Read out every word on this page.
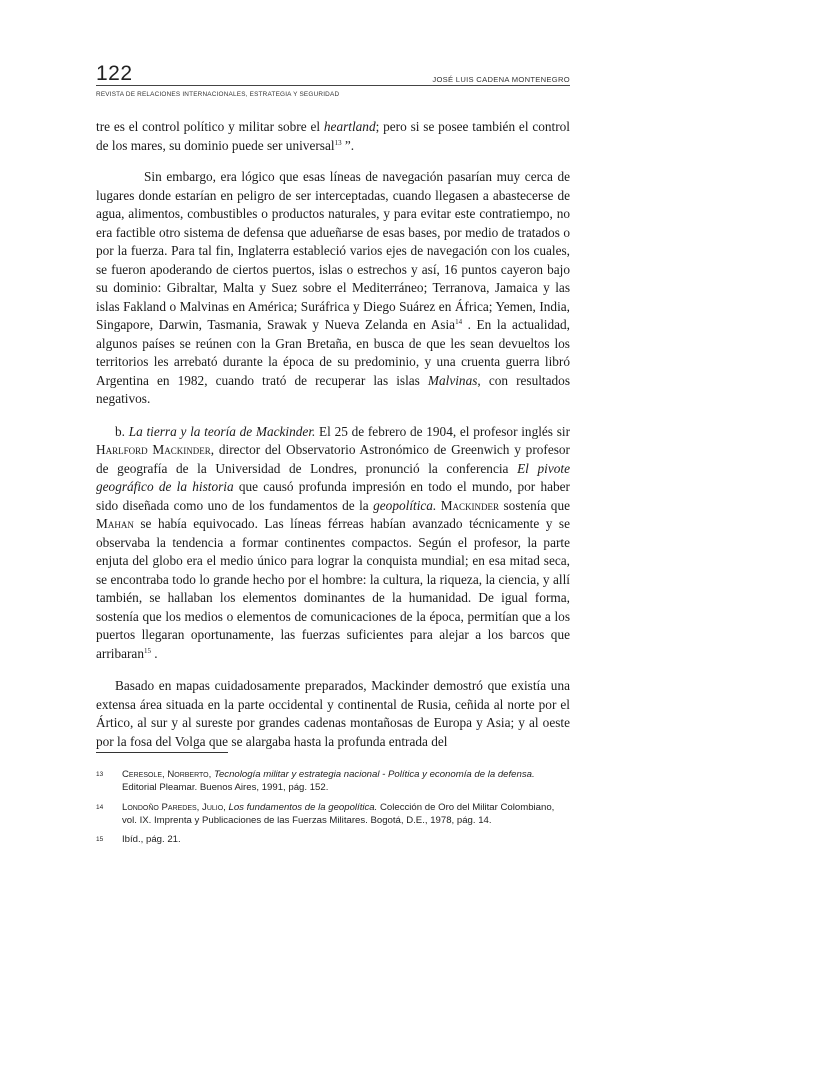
122	JOSÉ LUIS CADENA MONTENEGRO
REVISTA DE RELACIONES INTERNACIONALES, ESTRATEGIA Y SEGURIDAD

tre es el control político y militar sobre el heartland; pero si se posee también el control de los mares, su dominio puede ser universal$^{13}$ ”.

Sin embargo, era lógico que esas líneas de navegación pasarían muy cerca de lugares donde estarían en peligro de ser interceptadas, cuando llegasen a abastecerse de agua, alimentos, combustibles o productos naturales, y para evitar este contratiempo, no era factible otro sistema de defensa que adueñarse de esas bases, por medio de tratados o por la fuerza. Para tal fin, Inglaterra estableció varios ejes de navegación con los cuales, se fueron apoderando de ciertos puertos, islas o estrechos y así, 16 puntos cayeron bajo su dominio: Gibraltar, Malta y Suez sobre el Mediterráneo; Terranova, Jamaica y las islas Fakland o Malvinas en América; Suráfrica y Diego Suárez en África; Yemen, India, Singapore, Darwin, Tasmania, Srawak y Nueva Zelanda en Asia$^{14}$ . En la actualidad, algunos países se reúnen con la Gran Bretaña, en busca de que les sean devueltos los territorios les arrebató durante la época de su predominio, y una cruenta guerra libró Argentina en 1982, cuando trató de recuperar las islas Malvinas, con resultados negativos.

b. La tierra y la teoría de Mackinder. El 25 de febrero de 1904, el profesor inglés sir Harlford Mackinder, director del Observatorio Astronómico de Greenwich y profesor de geografía de la Universidad de Londres, pronunció la conferencia El pivote geográfico de la historia que causó profunda impresión en todo el mundo, por haber sido diseñada como uno de los fundamentos de la geopolítica. Mackinder sostenía que Mahan se había equivocado. Las líneas férreas habían avanzado técnicamente y se observaba la tendencia a formar continentes compactos. Según el profesor, la parte enjuta del globo era el medio único para lograr la conquista mundial; en esa mitad seca, se encontraba todo lo grande hecho por el hombre: la cultura, la riqueza, la ciencia, y allí también, se hallaban los elementos dominantes de la humanidad. De igual forma, sostenía que los medios o elementos de comunicaciones de la época, permitían que a los puertos llegaran oportunamente, las fuerzas suficientes para alejar a los barcos que arribaran$^{15}$ .

Basado en mapas cuidadosamente preparados, Mackinder demostró que existía una extensa área situada en la parte occidental y continental de Rusia, ceñida al norte por el Ártico, al sur y al sureste por grandes cadenas montañosas de Europa y Asia; y al oeste por la fosa del Volga que se alargaba hasta la profunda entrada del

13 Ceresole, Norberto, Tecnología militar y estrategia nacional - Política y economía de la defensa. Editorial Pleamar. Buenos Aires, 1991, pág. 152.
14 Londoño Paredes, Julio, Los fundamentos de la geopolítica. Colección de Oro del Militar Colombiano, vol. IX. Imprenta y Publicaciones de las Fuerzas Militares. Bogotá, D.E., 1978, pág. 14.
15 Ibíd., pág. 21.
